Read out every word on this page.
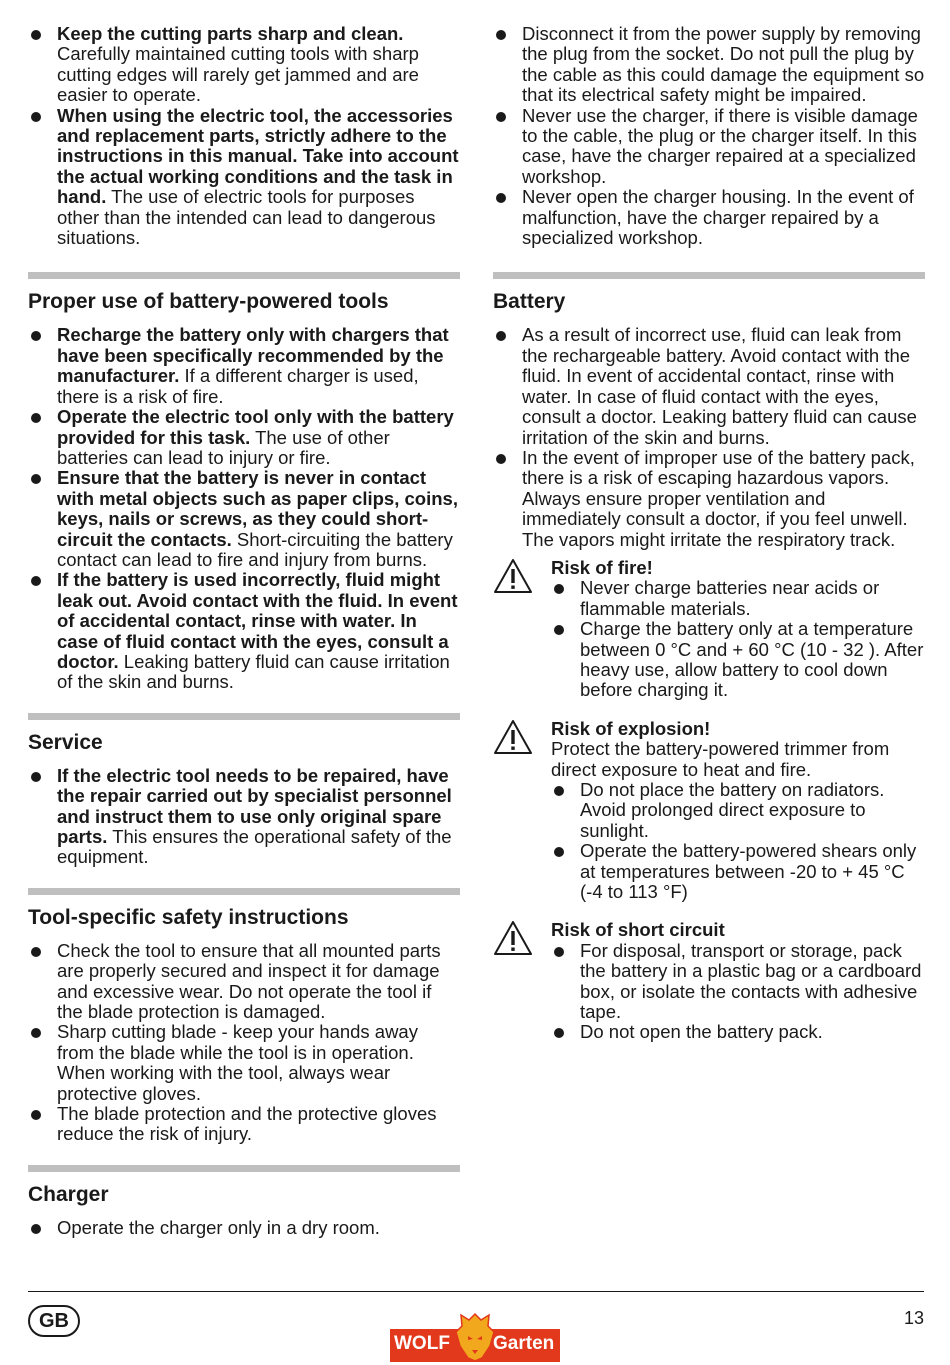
Keep the cutting parts sharp and clean. Carefully maintained cutting tools with sharp cutting edges will rarely get jammed and are easier to operate.

When using the electric tool, the accessories and replacement parts, strictly adhere to the instructions in this manual. Take into account the actual working conditions and the task in hand. The use of electric tools for purposes other than the intended can lead to dangerous situations.

Proper use of battery-powered tools

Recharge the battery only with chargers that have been specifically recommended by the manufacturer. If a different charger is used, there is a risk of fire.

Operate the electric tool only with the battery provided for this task. The use of other batteries can lead to injury or fire.

Ensure that the battery is never in contact with metal objects such as paper clips, coins, keys, nails or screws, as they could short-circuit the contacts. Short-circuiting the battery contact can lead to fire and injury from burns.

If the battery is used incorrectly, fluid might leak out. Avoid contact with the fluid. In event of accidental contact, rinse with water. In case of fluid contact with the eyes, consult a doctor. Leaking battery fluid can cause irritation of the skin and burns.

Service

If the electric tool needs to be repaired, have the repair carried out by specialist personnel and instruct them to use only original spare parts. This ensures the operational safety of the equipment.

Tool-specific safety instructions

Check the tool to ensure that all mounted parts are properly secured and inspect it for damage and excessive wear. Do not operate the tool if the blade protection is damaged.

Sharp cutting blade - keep your hands away from the blade while the tool is in operation. When working with the tool, always wear protective gloves.

The blade protection and the protective gloves reduce the risk of injury.

Charger

Operate the charger only in a dry room.

Disconnect it from the power supply by removing the plug from the socket. Do not pull the plug by the cable as this could damage the equipment so that its electrical safety might be impaired.

Never use the charger, if there is visible damage to the cable, the plug or the charger itself. In this case, have the charger repaired at a specialized workshop.

Never open the charger housing. In the event of malfunction, have the charger repaired by a specialized workshop.

Battery

As a result of incorrect use, fluid can leak from the rechargeable battery. Avoid contact with the fluid. In event of accidental contact, rinse with water. In case of fluid contact with the eyes, consult a doctor. Leaking battery fluid can cause irritation of the skin and burns.

In the event of improper use of the battery pack, there is a risk of escaping hazardous vapors. Always ensure proper ventilation and immediately consult a doctor, if you feel unwell. The vapors might irritate the respiratory track.

Risk of fire!

Never charge batteries near acids or flammable materials.

Charge the battery only at a temperature between 0 °C and + 60 °C (10 - 32 ). After heavy use, allow battery to cool down before charging it.

Risk of explosion!

Protect the battery-powered trimmer from direct exposure to heat and fire.

Do not place the battery on radiators. Avoid prolonged direct exposure to sunlight.

Operate the battery-powered shears only at temperatures between -20 to + 45 °C (-4 to 113 °F)

Risk of short circuit

For disposal, transport or storage, pack the battery in a plastic bag or a cardboard box, or isolate the contacts with adhesive tape.

Do not open the battery pack.

GB	13
WOLF Garten
